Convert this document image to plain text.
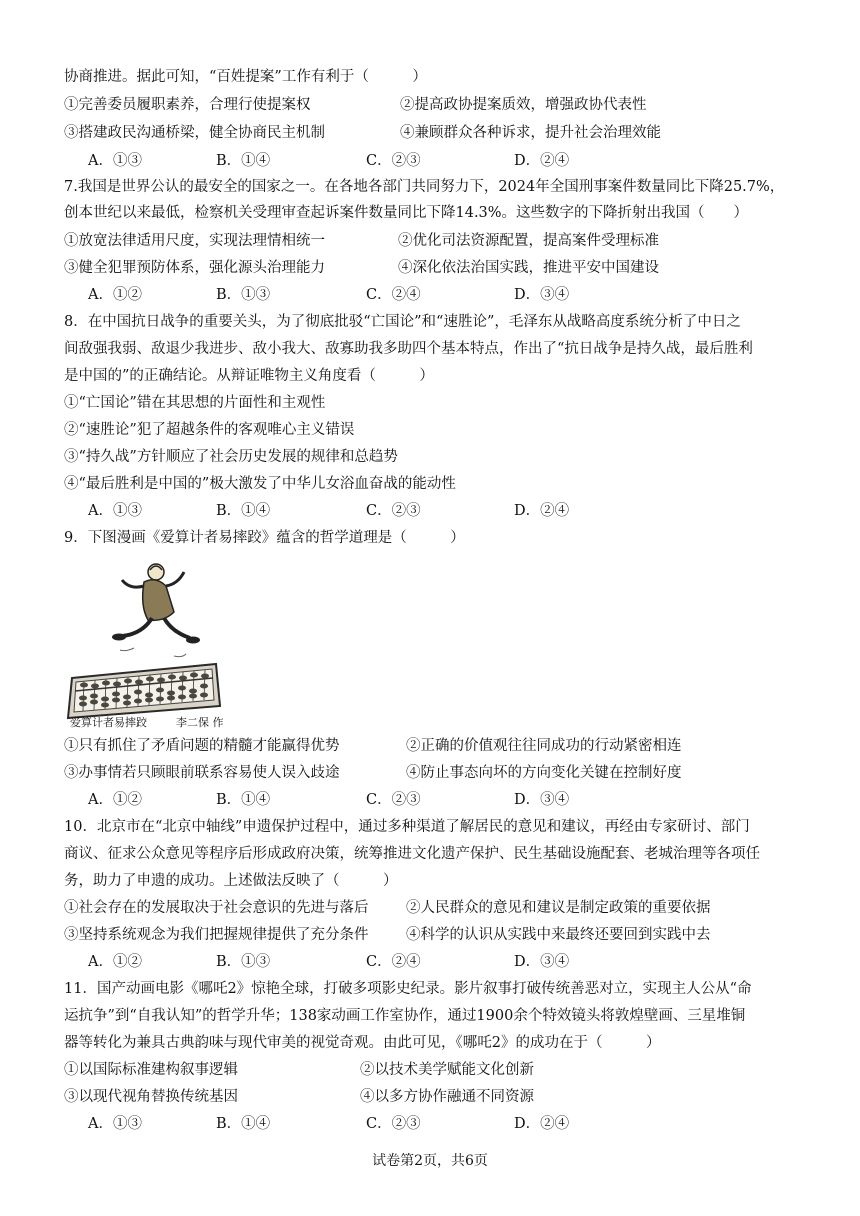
协商推进。据此可知，“百姓提案”工作有利于（　　　）
①完善委员履职素养，合理行使提案权	②提高政协提案质效，增强政协代表性
③搭建政民沟通桥梁，健全协商民主机制	④兼顾群众各种诉求，提升社会治理效能
A．①③	B．①④	C．②③	D．②④
7.我国是世界公认的最安全的国家之一。在各地各部门共同努力下，2024年全国刑事案件数量同比下降25.7%，
创本世纪以来最低，检察机关受理审查起诉案件数量同比下降14.3%。这些数字的下降折射出我国（　　）
①放宽法律适用尺度，实现法理情相统一	②优化司法资源配置，提高案件受理标准
③健全犯罪预防体系，强化源头治理能力	④深化依法治国实践，推进平安中国建设
A．①②	B．①③	C．②④	D．③④
8．在中国抗日战争的重要关头，为了彻底批驳“亡国论”和“速胜论”，毛泽东从战略高度系统分析了中日之
间敌强我弱、敌退少我进步、敌小我大、敌寡助我多助四个基本特点，作出了“抗日战争是持久战，最后胜利
是中国的”的正确结论。从辩证唯物主义角度看（　　　）
①“亡国论”错在其思想的片面性和主观性
②“速胜论”犯了超越条件的客观唯心主义错误
③“持久战”方针顺应了社会历史发展的规律和总趋势
④“最后胜利是中国的”极大激发了中华儿女浴血奋战的能动性
A．①③	B．①④	C．②③	D．②④
9．下图漫画《爱算计者易摔跤》蕴含的哲学道理是（　　　）
爱算计者易摔跤	李二保 作
①只有抓住了矛盾问题的精髓才能赢得优势	②正确的价值观往往同成功的行动紧密相连
③办事情若只顾眼前联系容易使人误入歧途	④防止事态向坏的方向变化关键在控制好度
A．①②	B．①④	C．②③	D．③④
10．北京市在“北京中轴线”申遗保护过程中，通过多种渠道了解居民的意见和建议，再经由专家研讨、部门
商议、征求公众意见等程序后形成政府决策，统筹推进文化遗产保护、民生基础设施配套、老城治理等各项任
务，助力了申遗的成功。上述做法反映了（　　　）
①社会存在的发展取决于社会意识的先进与落后	②人民群众的意见和建议是制定政策的重要依据
③坚持系统观念为我们把握规律提供了充分条件	④科学的认识从实践中来最终还要回到实践中去
A．①②	B．①③	C．②④	D．③④
11．国产动画电影《哪吒2》惊艳全球，打破多项影史纪录。影片叙事打破传统善恶对立，实现主人公从“命
运抗争”到“自我认知”的哲学升华；138家动画工作室协作，通过1900余个特效镜头将敦煌壁画、三星堆铜
器等转化为兼具古典韵味与现代审美的视觉奇观。由此可见，《哪吒2》的成功在于（　　　）
①以国际标准建构叙事逻辑	②以技术美学赋能文化创新
③以现代视角替换传统基因	④以多方协作融通不同资源
A．①③	B．①④	C．②③	D．②④
试卷第2页，共6页
